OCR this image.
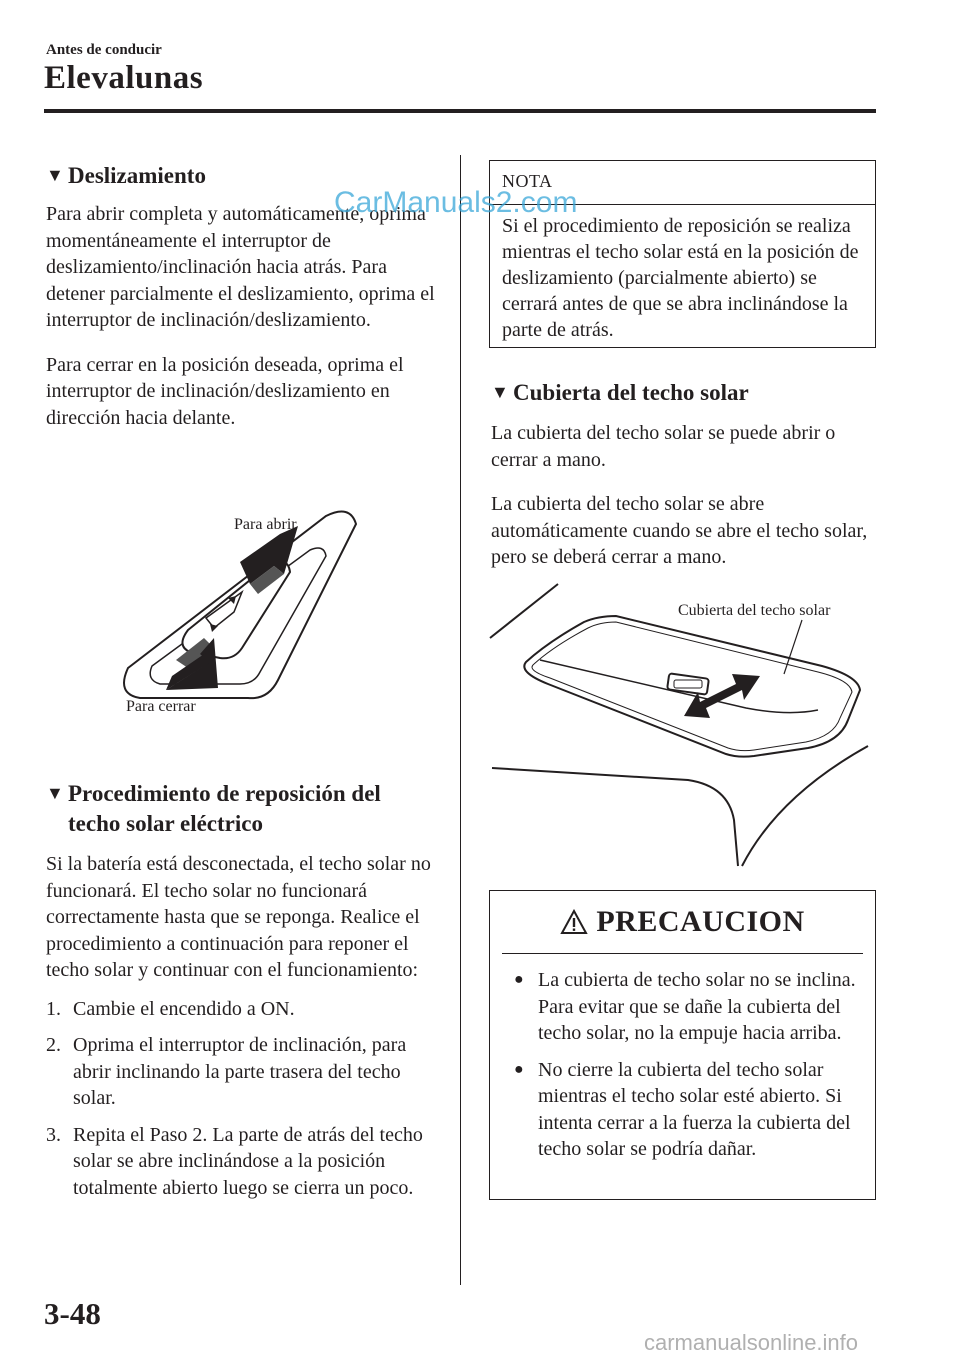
Antes de conducir
Elevalunas
▼ Deslizamiento

Para abrir completa y automáticamente, oprima momentáneamente el interruptor de deslizamiento/inclinación hacia atrás. Para detener parcialmente el deslizamiento, oprima el interruptor de inclinación/deslizamiento.

Para cerrar en la posición deseada, oprima el interruptor de inclinación/deslizamiento en dirección hacia delante.

Para abrir
Para cerrar
▼ Procedimiento de reposición del
techo solar eléctrico

Si la batería está desconectada, el techo solar no funcionará. El techo solar no funcionará correctamente hasta que se reponga. Realice el procedimiento a continuación para reponer el techo solar y continuar con el funcionamiento:

1. Cambie el encendido a ON.
2. Oprima el interruptor de inclinación, para abrir inclinando la parte trasera del techo solar.
3. Repita el Paso 2. La parte de atrás del techo solar se abre inclinándose a la posición totalmente abierto luego se cierra un poco.
NOTA
Si el procedimiento de reposición se realiza mientras el techo solar está en la posición de deslizamiento (parcialmente abierto) se cerrará antes de que se abra inclinándose la parte de atrás.
▼ Cubierta del techo solar

La cubierta del techo solar se puede abrir o cerrar a mano.

La cubierta del techo solar se abre automáticamente cuando se abre el techo solar, pero se deberá cerrar a mano.

Cubierta del techo solar
PRECAUCION
● La cubierta de techo solar no se inclina. Para evitar que se dañe la cubierta del techo solar, no la empuje hacia arriba.
● No cierre la cubierta del techo solar mientras el techo solar esté abierto. Si intenta cerrar a la fuerza la cubierta del techo solar se podría dañar.
3-48
CarManuals2.com
carmanualsonline.info
